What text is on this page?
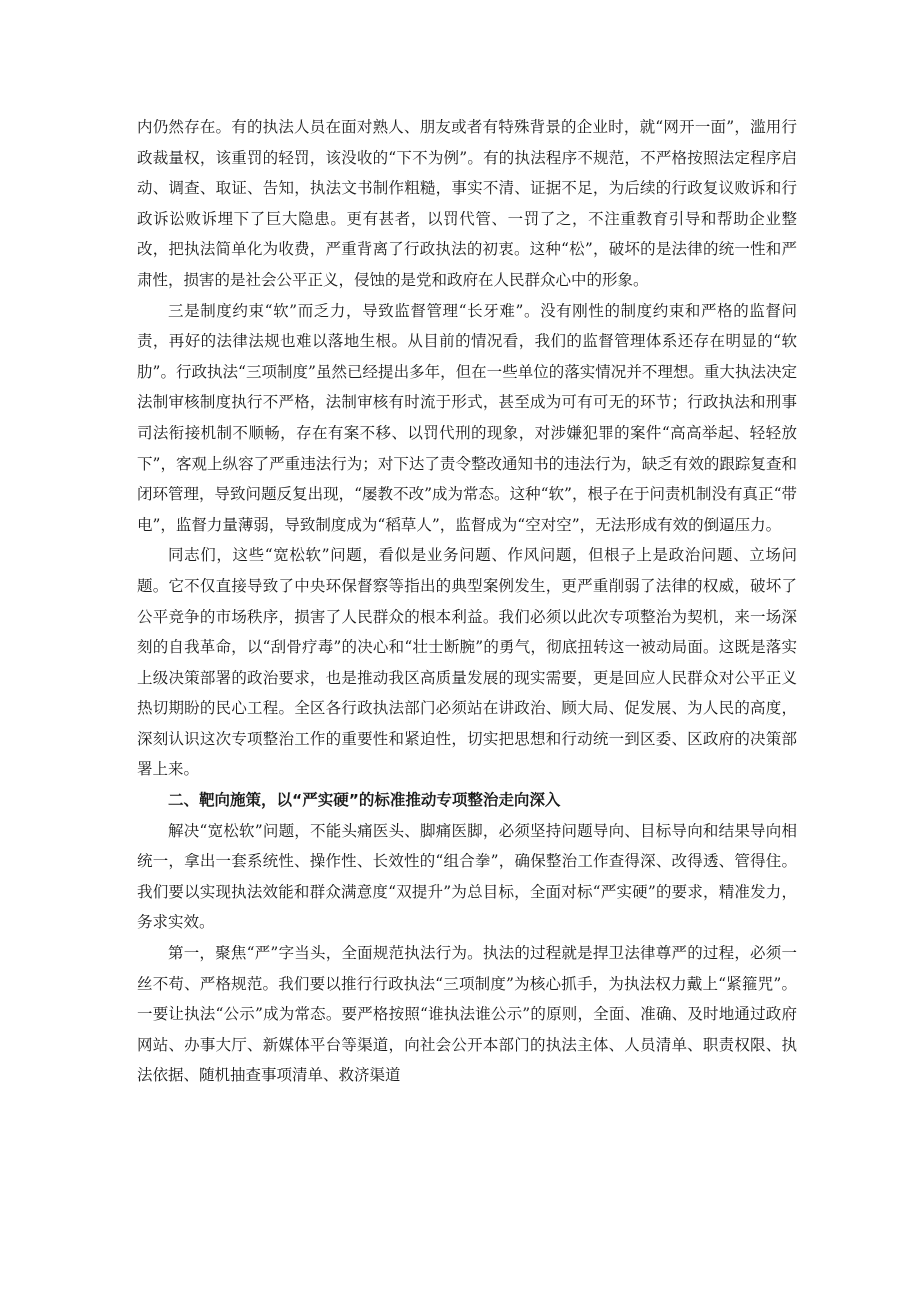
内仍然存在。有的执法人员在面对熟人、朋友或者有特殊背景的企业时，就“网开一面”，滥用行政裁量权，该重罚的轻罚，该没收的“下不为例”。有的执法程序不规范，不严格按照法定程序启动、调查、取证、告知，执法文书制作粗糙，事实不清、证据不足，为后续的行政复议败诉和行政诉讼败诉埋下了巨大隐患。更有甚者，以罚代管、一罚了之，不注重教育引导和帮助企业整改，把执法简单化为收费，严重背离了行政执法的初衷。这种“松”，破坏的是法律的统一性和严肃性，损害的是社会公平正义，侵蚀的是党和政府在人民群众心中的形象。

三是制度约束“软”而乏力，导致监督管理“长牙难”。没有刚性的制度约束和严格的监督问责，再好的法律法规也难以落地生根。从目前的情况看，我们的监督管理体系还存在明显的“软肋”。行政执法“三项制度”虽然已经提出多年，但在一些单位的落实情况并不理想。重大执法决定法制审核制度执行不严格，法制审核有时流于形式，甚至成为可有可无的环节；行政执法和刑事司法衔接机制不顺畅，存在有案不移、以罚代刑的现象，对涉嫌犯罪的案件“高高举起、轻轻放下”，客观上纵容了严重违法行为；对下达了责令整改通知书的违法行为，缺乏有效的跟踪复查和闭环管理，导致问题反复出现，“屡教不改”成为常态。这种“软”，根子在于问责机制没有真正“带电”，监督力量薄弱，导致制度成为“稻草人”，监督成为“空对空”，无法形成有效的倒逼压力。

同志们，这些“宽松软”问题，看似是业务问题、作风问题，但根子上是政治问题、立场问题。它不仅直接导致了中央环保督察等指出的典型案例发生，更严重削弱了法律的权威，破坏了公平竞争的市场秩序，损害了人民群众的根本利益。我们必须以此次专项整治为契机，来一场深刻的自我革命，以“刮骨疗毒”的决心和“壮士断腕”的勇气，彻底扭转这一被动局面。这既是落实上级决策部署的政治要求，也是推动我区高质量发展的现实需要，更是回应人民群众对公平正义热切期盼的民心工程。全区各行政执法部门必须站在讲政治、顾大局、促发展、为人民的高度，深刻认识这次专项整治工作的重要性和紧迫性，切实把思想和行动统一到区委、区政府的决策部署上来。

二、靶向施策，以“严实硬”的标准推动专项整治走向深入

解决“宽松软”问题，不能头痛医头、脚痛医脚，必须坚持问题导向、目标导向和结果导向相统一，拿出一套系统性、操作性、长效性的“组合拳”，确保整治工作查得深、改得透、管得住。我们要以实现执法效能和群众满意度“双提升”为总目标，全面对标“严实硬”的要求，精准发力，务求实效。

第一，聚焦“严”字当头，全面规范执法行为。执法的过程就是捍卫法律尊严的过程，必须一丝不苟、严格规范。我们要以推行行政执法“三项制度”为核心抓手，为执法权力戴上“紧箍咒”。一要让执法“公示”成为常态。要严格按照“谁执法谁公示”的原则，全面、准确、及时地通过政府网站、办事大厅、新媒体平台等渠道，向社会公开本部门的执法主体、人员清单、职责权限、执法依据、随机抽查事项清单、救济渠道
